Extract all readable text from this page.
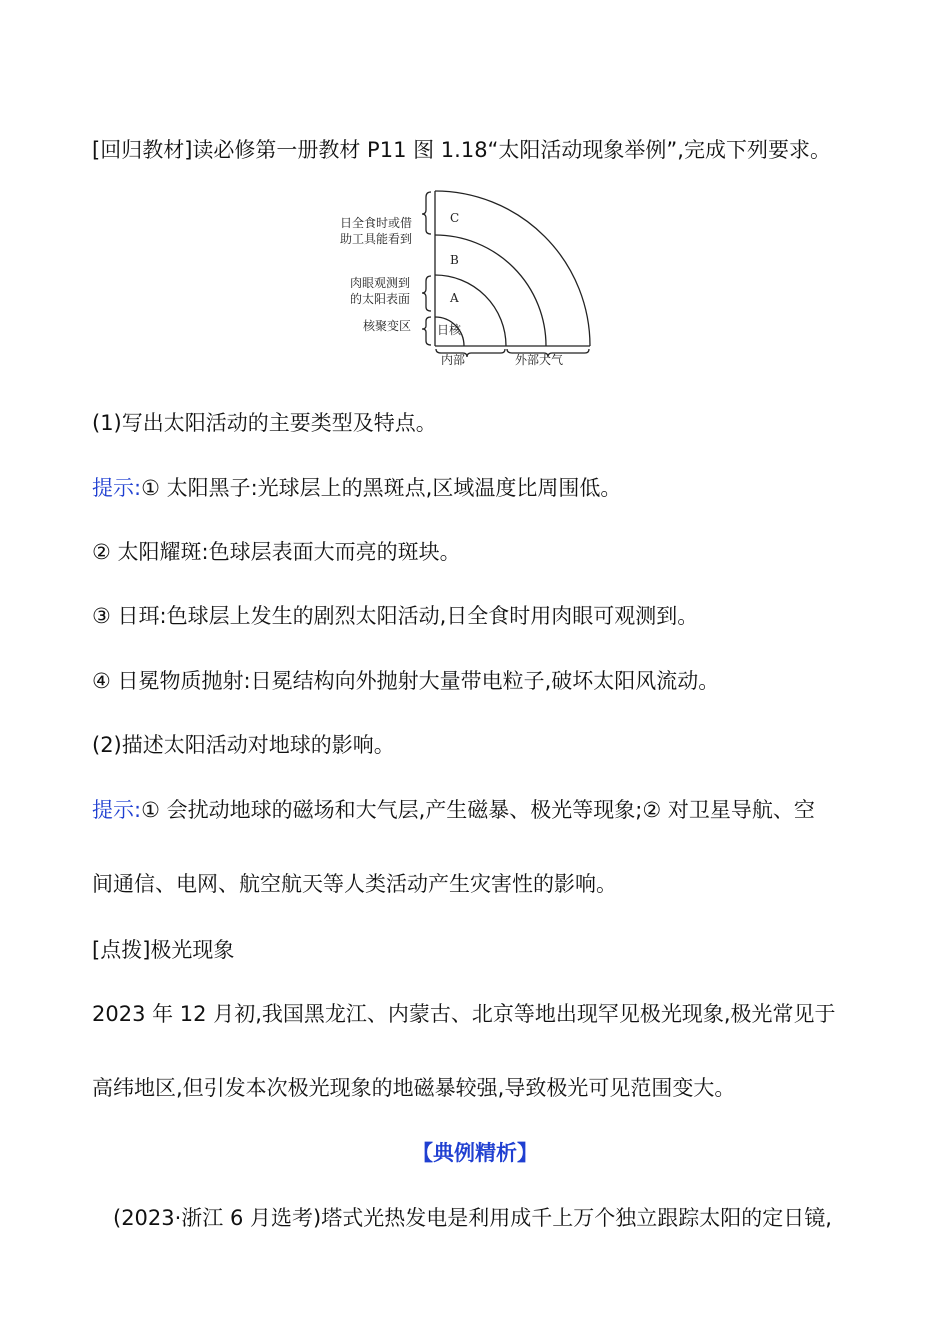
[回归教材]读必修第一册教材 P11 图 1.18“太阳活动现象举例”,完成下列要求。
日全食时或借
助工具能看到
肉眼观测到
的太阳表面
核聚变区
C
B
A
日核
内部	外部大气
(1)写出太阳活动的主要类型及特点。
提示:① 太阳黑子:光球层上的黑斑点,区域温度比周围低。
② 太阳耀斑:色球层表面大而亮的斑块。
③ 日珥:色球层上发生的剧烈太阳活动,日全食时用肉眼可观测到。
④ 日冕物质抛射:日冕结构向外抛射大量带电粒子,破坏太阳风流动。
(2)描述太阳活动对地球的影响。
提示:① 会扰动地球的磁场和大气层,产生磁暴、极光等现象;② 对卫星导航、空
间通信、电网、航空航天等人类活动产生灾害性的影响。
[点拨]极光现象
2023 年 12 月初,我国黑龙江、内蒙古、北京等地出现罕见极光现象,极光常见于
高纬地区,但引发本次极光现象的地磁暴较强,导致极光可见范围变大。
【典例精析】
(2023·浙江 6 月选考)塔式光热发电是利用成千上万个独立跟踪太阳的定日镜,
